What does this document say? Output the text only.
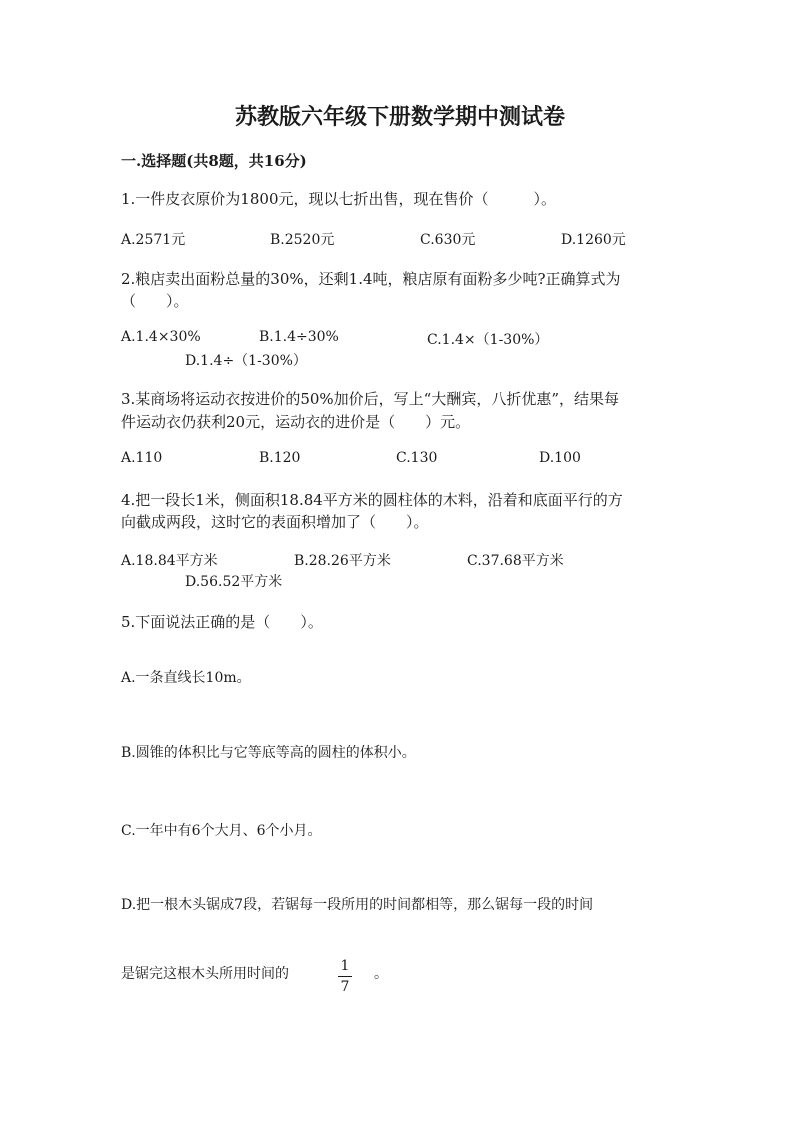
苏教版六年级下册数学期中测试卷
一.选择题(共8题，共16分)
1.一件皮衣原价为1800元，现以七折出售，现在售价（　　　）。
A.2571元	B.2520元	C.630元	D.1260元
2.粮店卖出面粉总量的30%，还剩1.4吨，粮店原有面粉多少吨?正确算式为
（　　）。
A.1.4×30%	B.1.4÷30%	C.1.4×（1-30%）
D.1.4÷（1-30%）
3.某商场将运动衣按进价的50%加价后，写上“大酬宾，八折优惠”，结果每
件运动衣仍获利20元，运动衣的进价是（　　）元。
A.110	B.120	C.130	D.100
4.把一段长1米，侧面积18.84平方米的圆柱体的木料，沿着和底面平行的方
向截成两段，这时它的表面积增加了（　　）。
A.18.84平方米	B.28.26平方米	C.37.68平方米
D.56.52平方米
5.下面说法正确的是（　　）。
A.一条直线长10m。
B.圆锥的体积比与它等底等高的圆柱的体积小。
C.一年中有6个大月、6个小月。
D.把一根木头锯成7段，若锯每一段所用的时间都相等，那么锯每一段的时间
是锯完这根木头所用时间的	1
7
。
